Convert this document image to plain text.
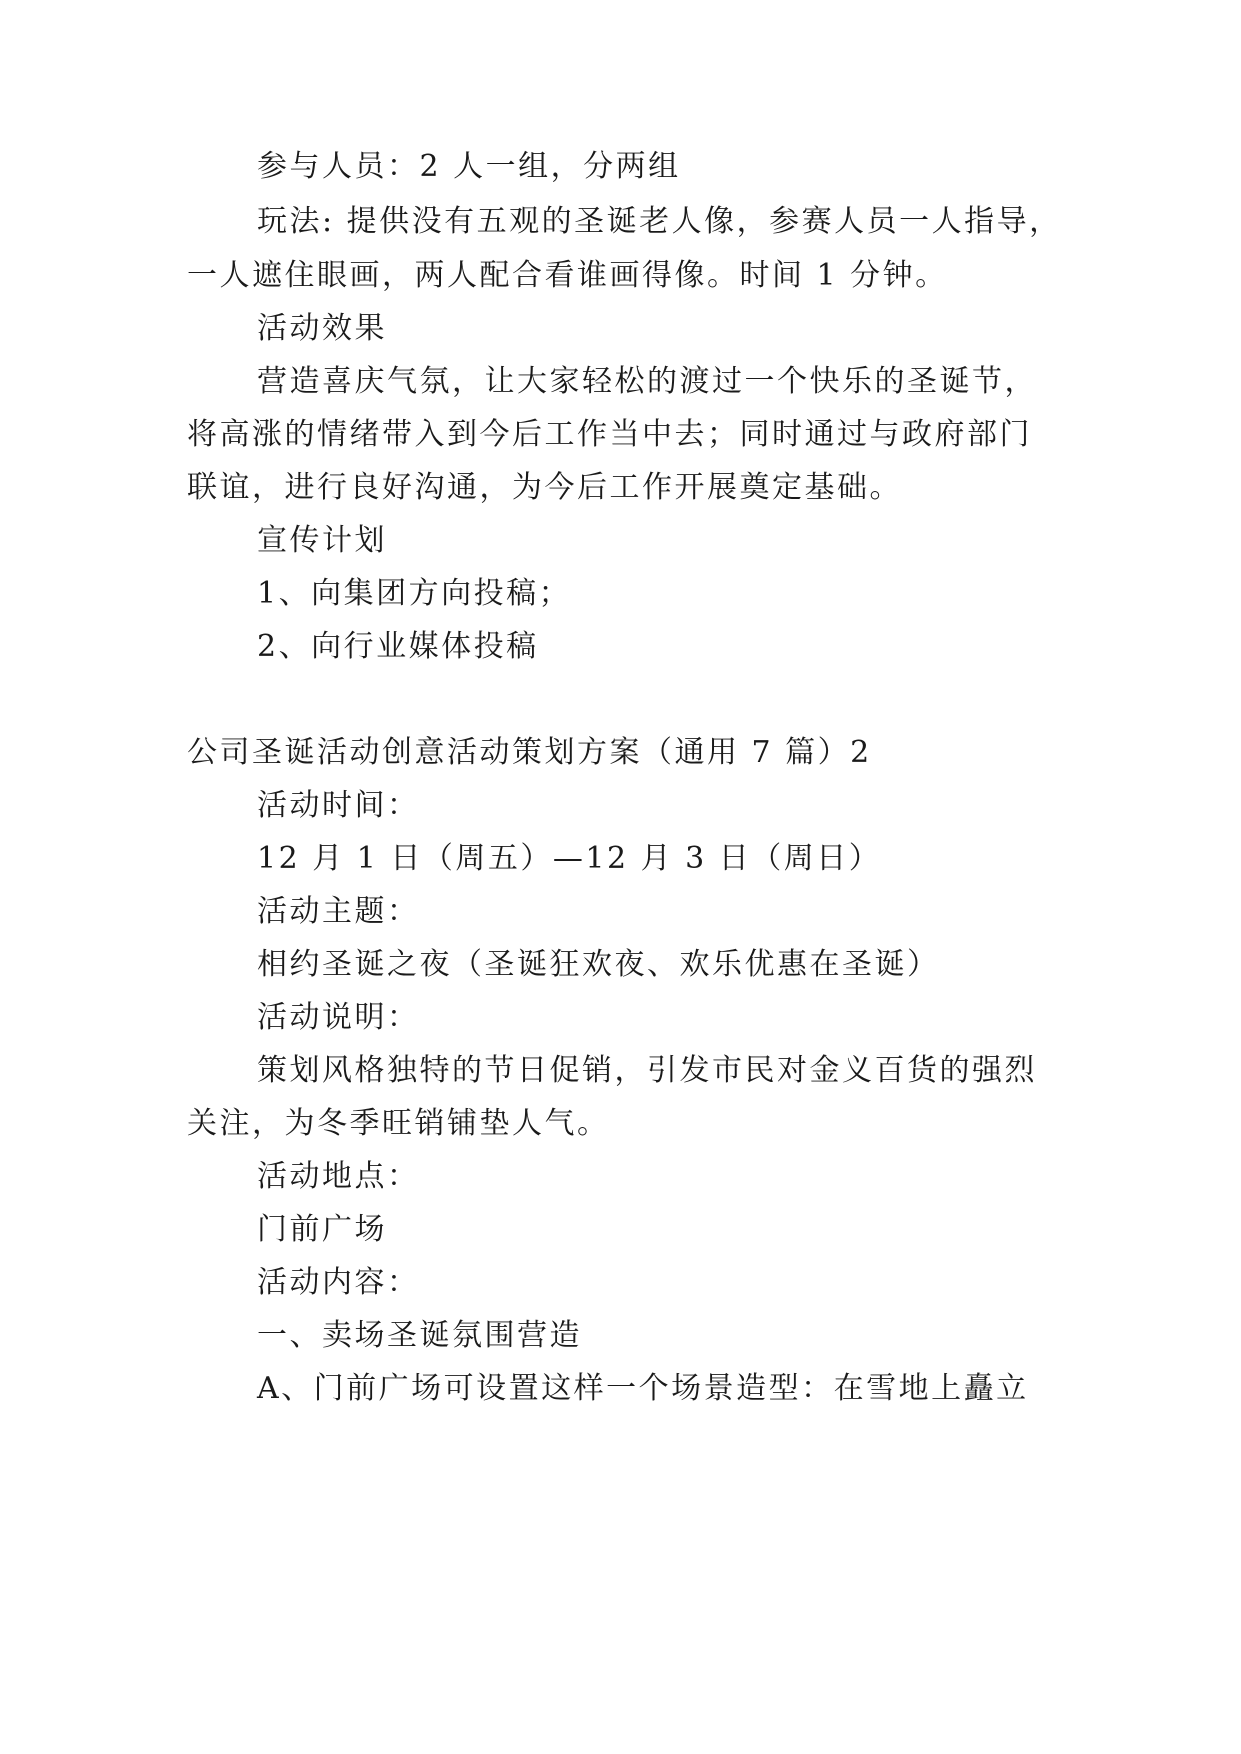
参与人员：2 人一组，分两组
玩法: 提供没有五观的圣诞老人像，参赛人员一人指导，
一人遮住眼画，两人配合看谁画得像。时间 1 分钟。
活动效果
营造喜庆气氛，让大家轻松的渡过一个快乐的圣诞节，
将高涨的情绪带入到今后工作当中去；同时通过与政府部门
联谊，进行良好沟通，为今后工作开展奠定基础。
宣传计划
1、向集团方向投稿；
2、向行业媒体投稿
公司圣诞活动创意活动策划方案（通用 7 篇）2
活动时间：
12 月 1 日（周五）—12 月 3 日（周日）
活动主题：
相约圣诞之夜（圣诞狂欢夜、欢乐优惠在圣诞）
活动说明：
策划风格独特的节日促销，引发市民对金义百货的强烈
关注，为冬季旺销铺垫人气。
活动地点：
门前广场
活动内容：
一、卖场圣诞氛围营造
A、门前广场可设置这样一个场景造型：在雪地上矗立
